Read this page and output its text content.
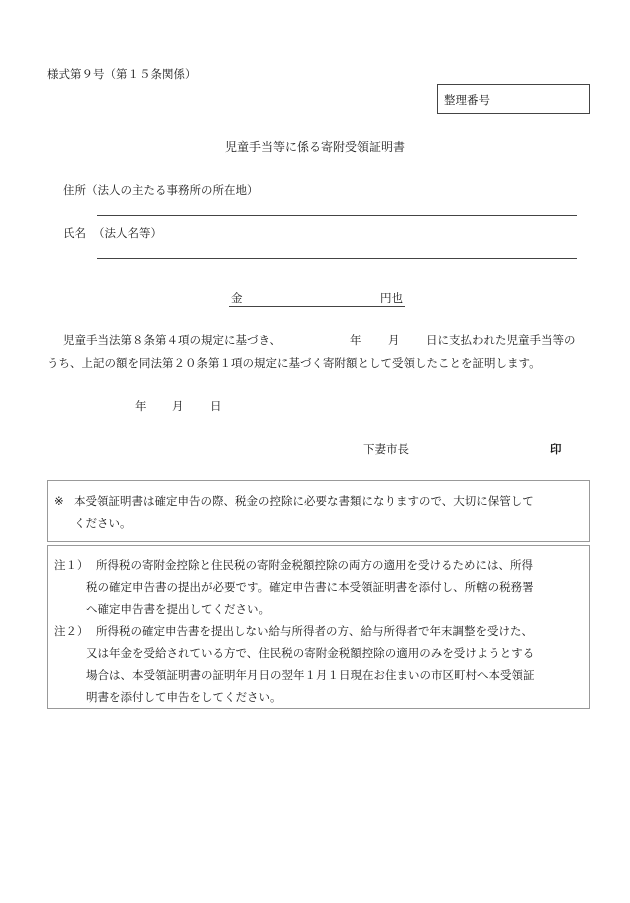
様式第９号（第１５条関係）
整理番号
児童手当等に係る寄附受領証明書
住所（法人の主たる事務所の所在地）
氏名 （法人名等）
金	円也
児童手当法第８条第４項の規定に基づき、	年 月 日に支払われた児童手当等の
うち、上記の額を同法第２０条第１項の規定に基づく寄附額として受領したことを証明します。
年 月 日
下妻市長	印
※ 本受領証明書は確定申告の際、税金の控除に必要な書類になりますので、大切に保管して
ください。
注１） 所得税の寄附金控除と住民税の寄附金税額控除の両方の適用を受けるためには、所得
税の確定申告書の提出が必要です。確定申告書に本受領証明書を添付し、所轄の税務署
へ確定申告書を提出してください。
注２） 所得税の確定申告書を提出しない給与所得者の方、給与所得者で年末調整を受けた、
又は年金を受給されている方で、住民税の寄附金税額控除の適用のみを受けようとする
場合は、本受領証明書の証明年月日の翌年１月１日現在お住まいの市区町村へ本受領証
明書を添付して申告をしてください。
